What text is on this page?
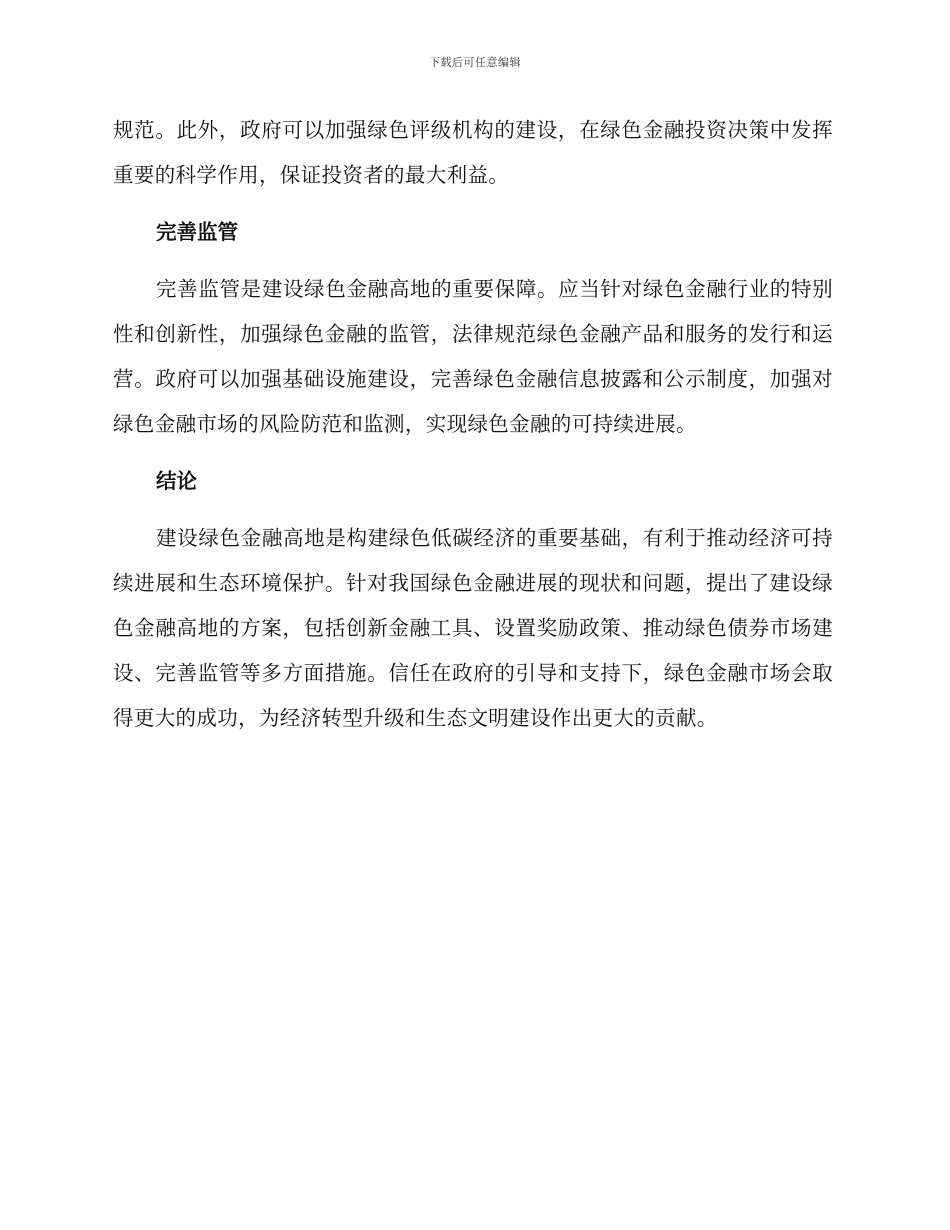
下载后可任意编辑

规范。此外，政府可以加强绿色评级机构的建设，在绿色金融投资决策中发挥重要的科学作用，保证投资者的最大利益。

完善监管

完善监管是建设绿色金融高地的重要保障。应当针对绿色金融行业的特别性和创新性，加强绿色金融的监管，法律规范绿色金融产品和服务的发行和运营。政府可以加强基础设施建设，完善绿色金融信息披露和公示制度，加强对绿色金融市场的风险防范和监测，实现绿色金融的可持续进展。

结论

建设绿色金融高地是构建绿色低碳经济的重要基础，有利于推动经济可持续进展和生态环境保护。针对我国绿色金融进展的现状和问题，提出了建设绿色金融高地的方案，包括创新金融工具、设置奖励政策、推动绿色债券市场建设、完善监管等多方面措施。信任在政府的引导和支持下，绿色金融市场会取得更大的成功，为经济转型升级和生态文明建设作出更大的贡献。
